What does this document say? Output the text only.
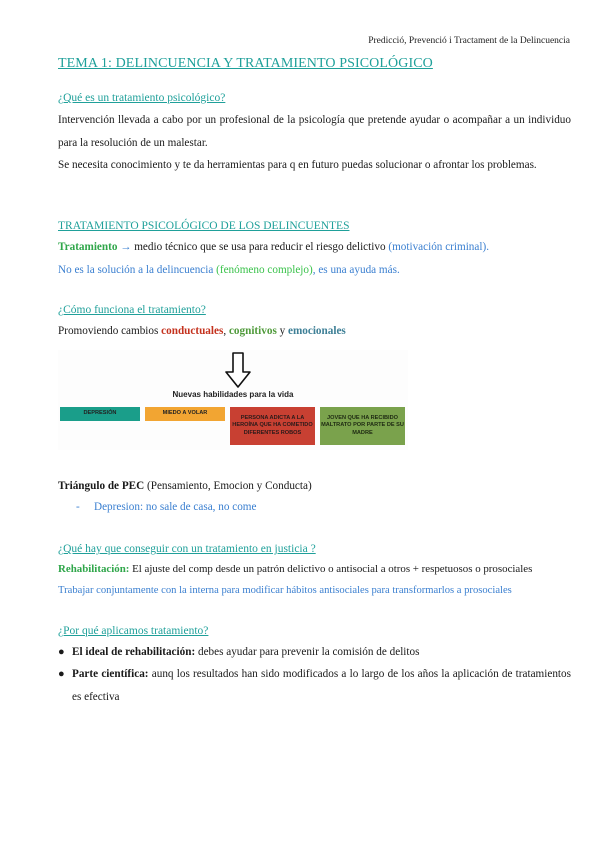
Predicció, Prevenció i Tractament de la Delincuencia
TEMA 1: DELINCUENCIA Y TRATAMIENTO PSICOLÓGICO
¿Qué es un tratamiento psicológico?
Intervención llevada a cabo por un profesional de la psicología que pretende ayudar o acompañar a un individuo para la resolución de un malestar.
Se necesita conocimiento y te da herramientas para q en futuro puedas solucionar o afrontar los problemas.
TRATAMIENTO PSICOLÓGICO DE LOS DELINCUENTES
Tratamiento → medio técnico que se usa para reducir el riesgo delictivo (motivación criminal).
No es la solución a la delincuencia (fenómeno complejo), es una ayuda más.
¿Cómo funciona el tratamiento?
Promoviendo cambios conductuales, cognitivos y emocionales
Nuevas habilidades para la vida
DEPRESIÓN	MIEDO A VOLAR
PERSONA ADICTA A LA HEROÍNA QUE HA COMETIDO DIFERENTES ROBOS
JOVEN QUE HA RECIBIDO MALTRATO POR PARTE DE SU MADRE
Triángulo de PEC (Pensamiento, Emocion y Conducta)
- Depresion: no sale de casa, no come
¿Qué hay que conseguir con un tratamiento en justicia ?
Rehabilitación: El ajuste del comp desde un patrón delictivo o antisocial a otros + respetuosos o prosociales
Trabajar conjuntamente con la interna para modificar hábitos antisociales para transformarlos a prosociales
¿Por qué aplicamos tratamiento?
● El ideal de rehabilitación: debes ayudar para prevenir la comisión de delitos
● Parte científica: aunq los resultados han sido modificados a lo largo de los años la aplicación de tratamientos es efectiva
